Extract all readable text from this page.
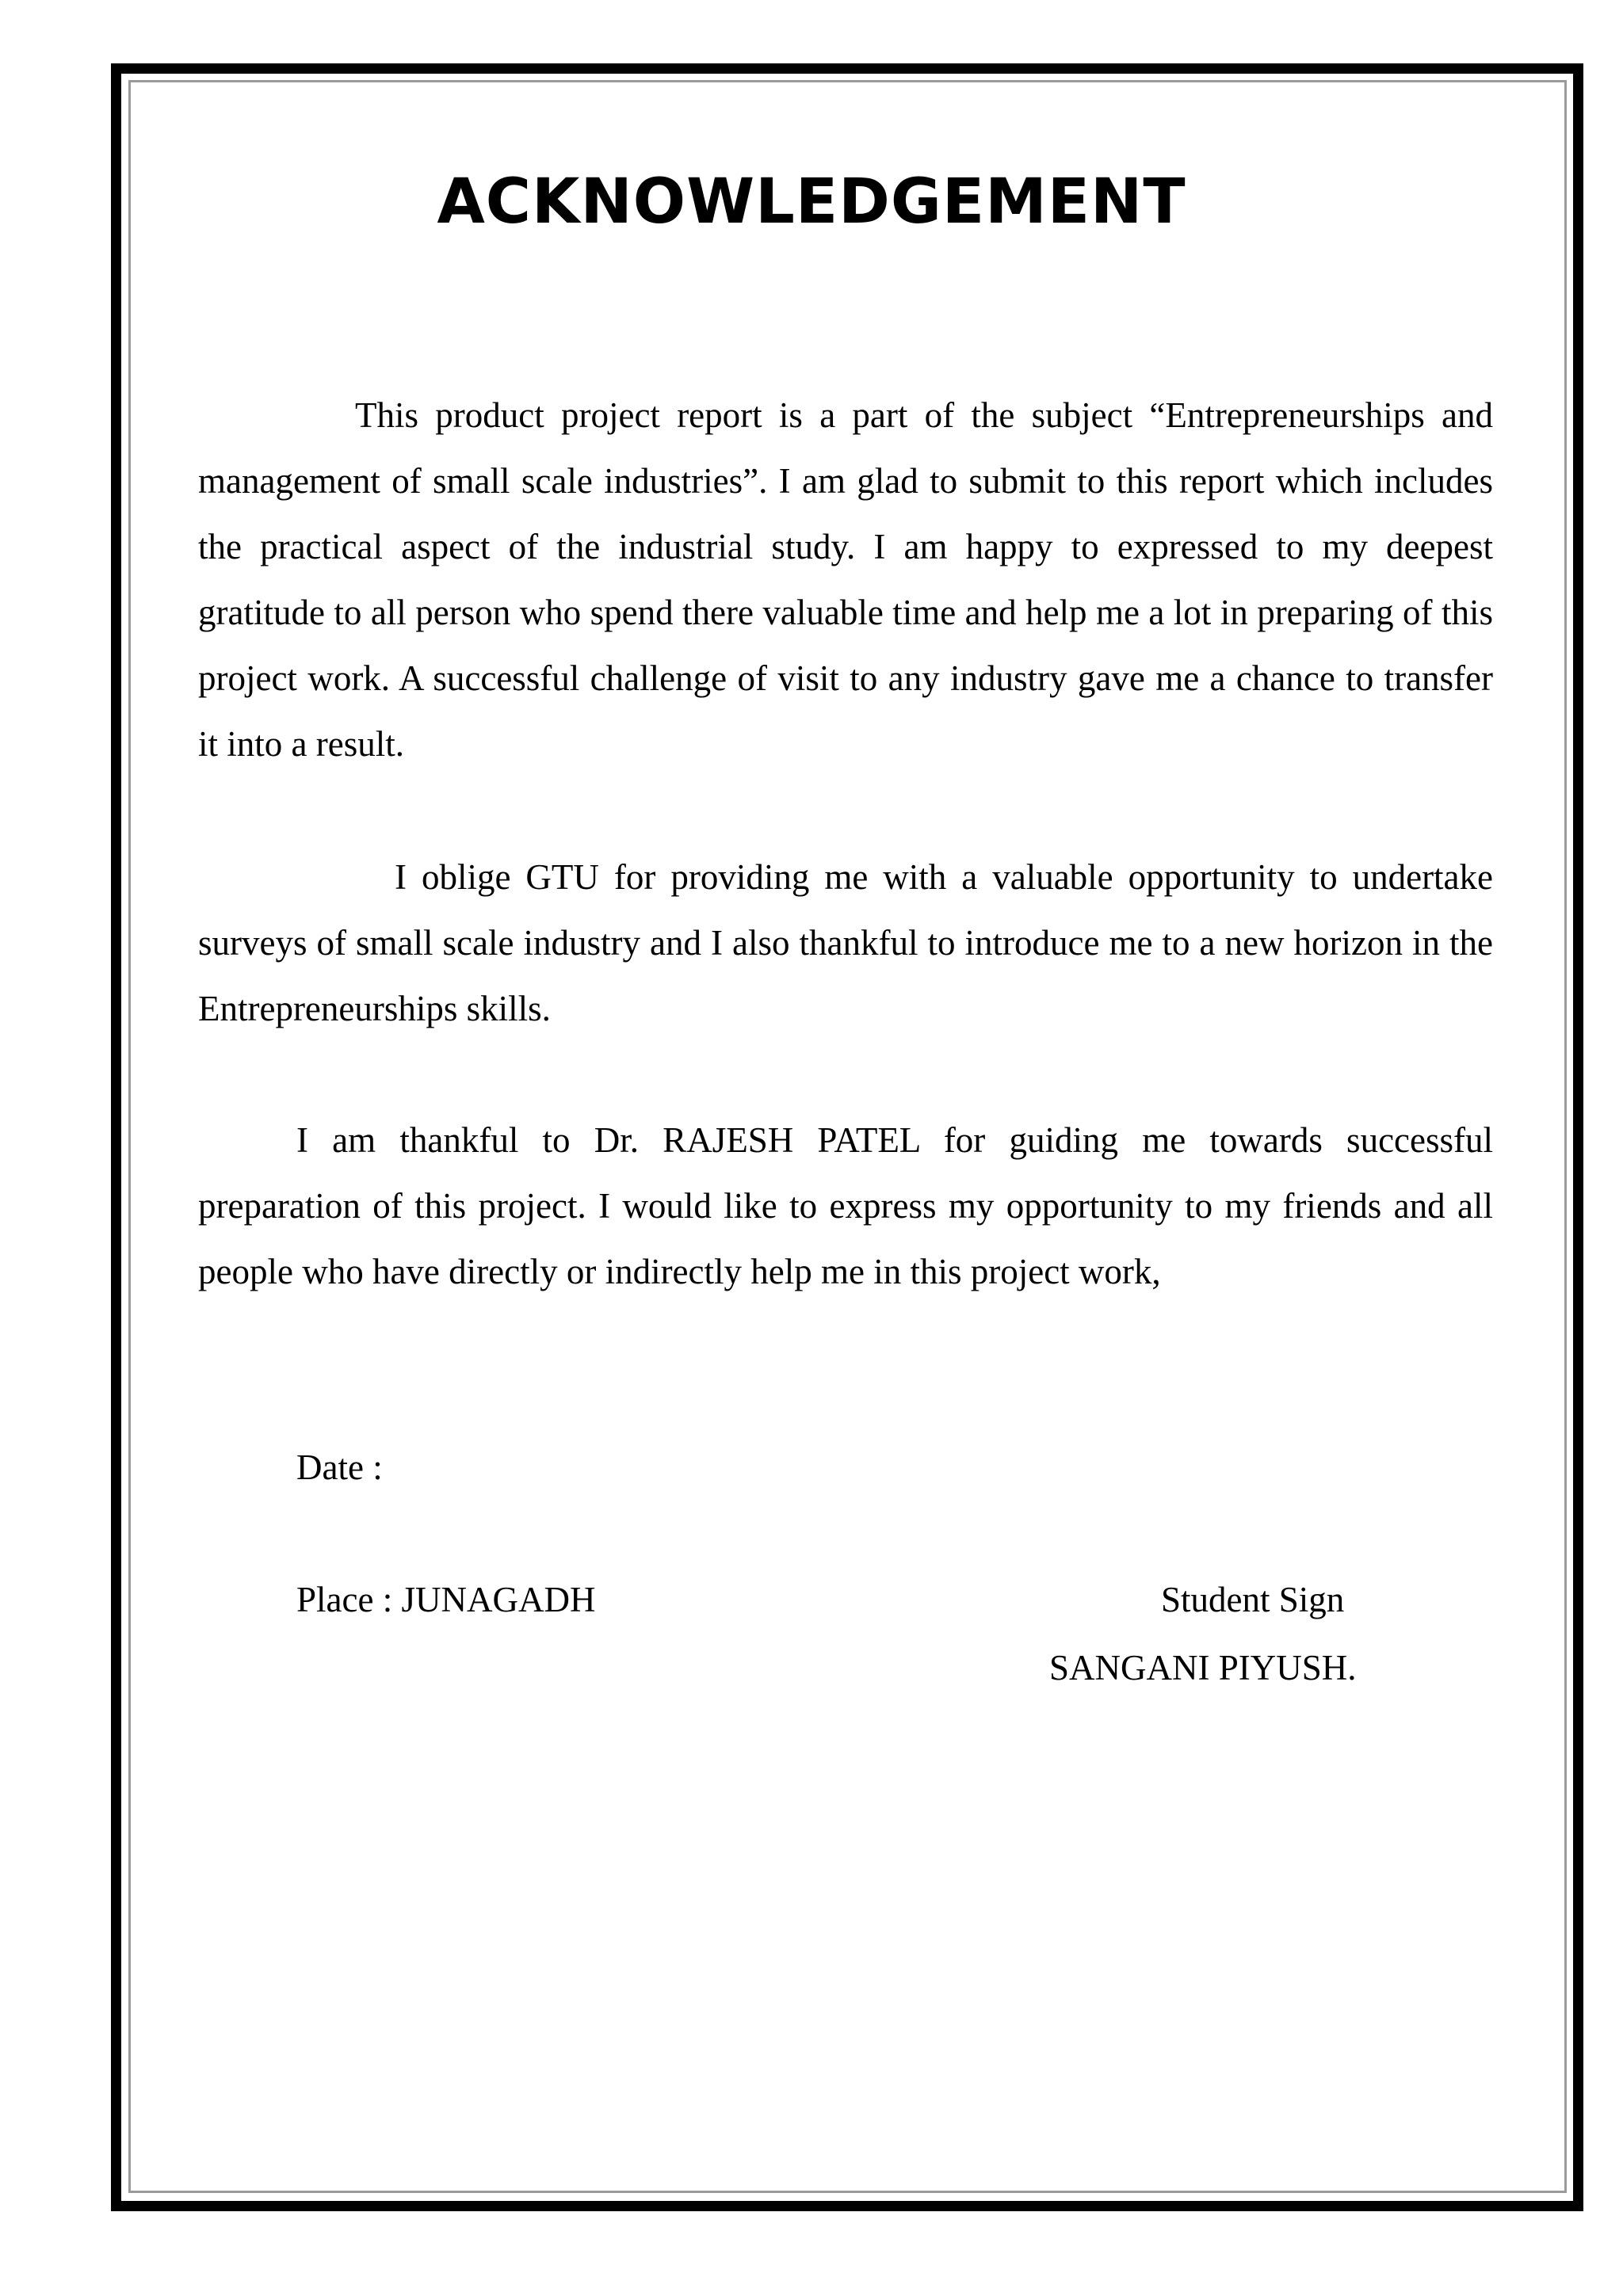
ACKNOWLEDGEMENT

This product project report is a part of the subject “Entrepreneurships and management of small scale industries”. I am glad to submit to this report which includes the practical aspect of the industrial study. I am happy to expressed to my deepest gratitude to all person who spend there valuable time and help me a lot in preparing of this project work. A successful challenge of visit to any industry gave me a chance to transfer it into a result.

I oblige GTU for providing me with a valuable opportunity to undertake surveys of small scale industry and I also thankful to introduce me to a new horizon in the Entrepreneurships skills.

I am thankful to Dr. RAJESH PATEL for guiding me towards successful preparation of this project. I would like to express my opportunity to my friends and all people who have directly or indirectly help me in this project work,

Date :

Place : JUNAGADH	Student Sign

SANGANI PIYUSH.
